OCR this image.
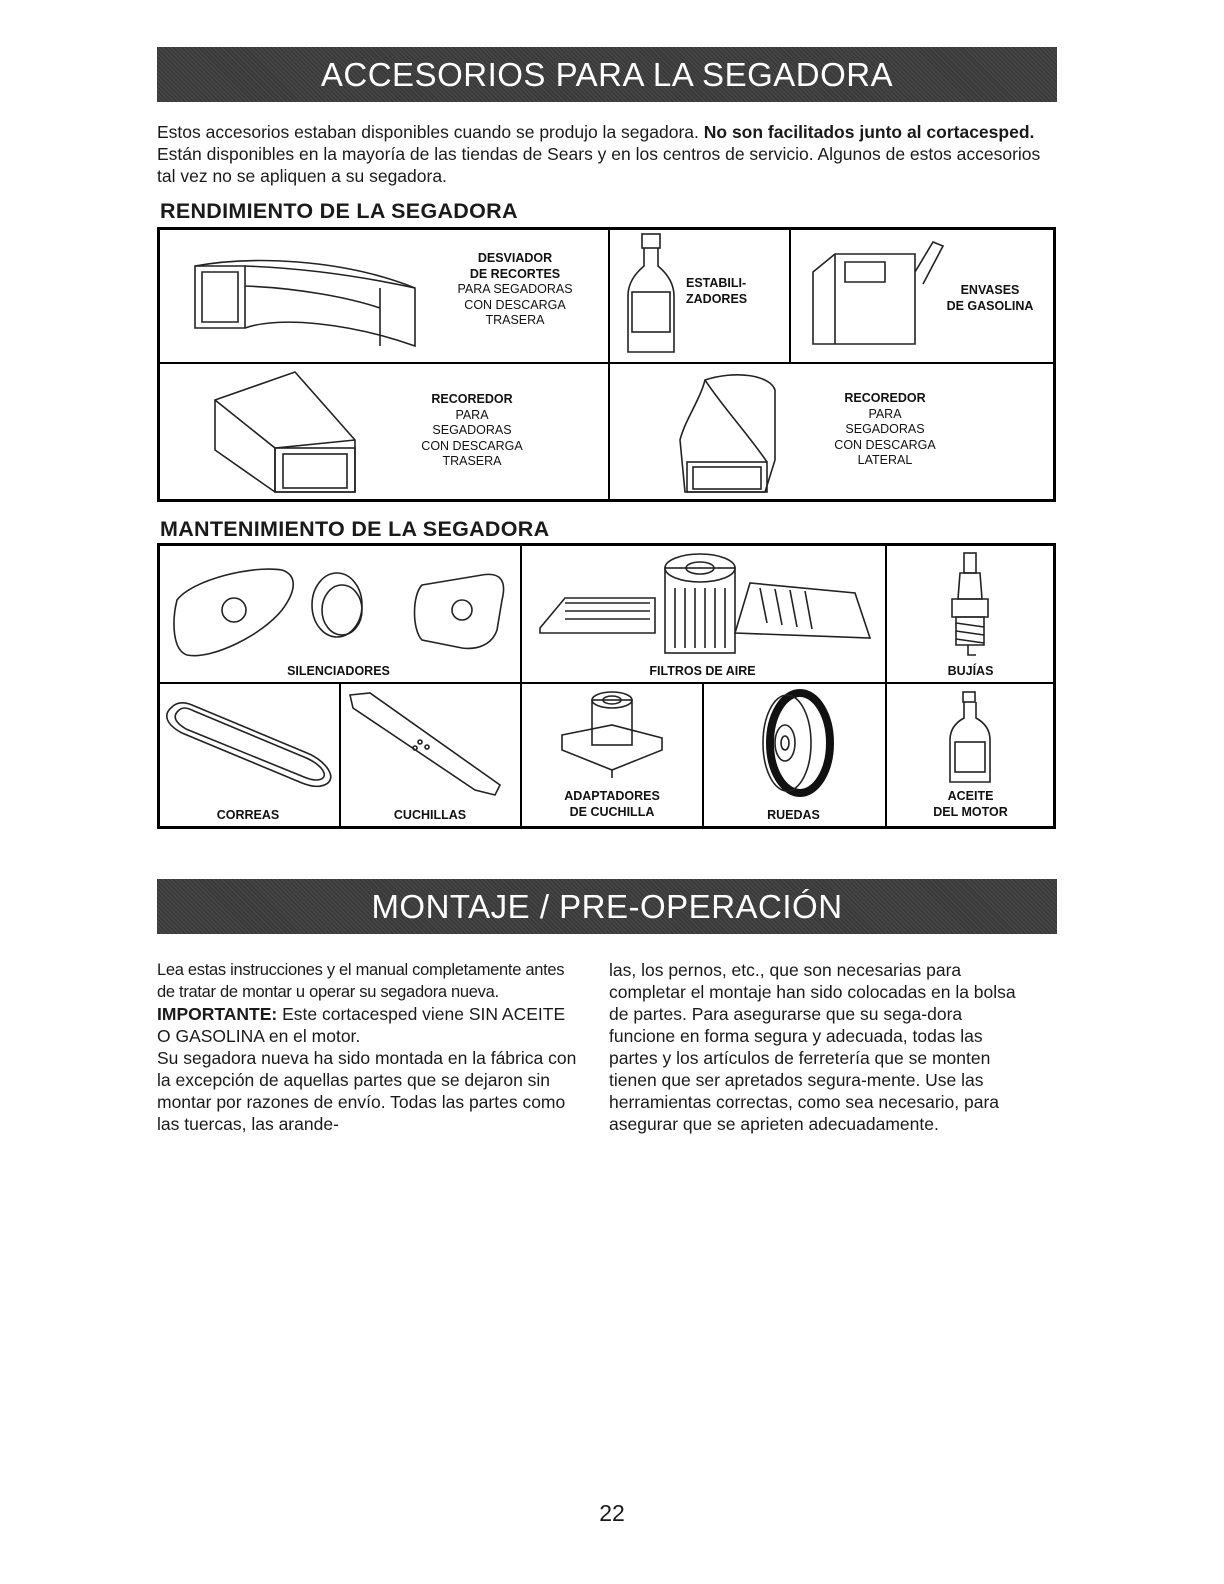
ACCESORIOS PARA LA SEGADORA
Estos accesorios estaban disponibles cuando se produjo la segadora. No son facilitados junto al cortacesped. Están disponibles en la mayoría de las tiendas de Sears y en los centros de servicio. Algunos de estos accesorios tal vez no se apliquen a su segadora.
RENDIMIENTO DE LA SEGADORA
DESVIADOR
DE RECORTES
PARA SEGADORAS
CON DESCARGA
TRASERA
ESTABILI-
ZADORES
ENVASES
DE GASOLINA
RECOREDOR
PARA
SEGADORAS
CON DESCARGA
TRASERA
RECOREDOR
PARA
SEGADORAS
CON DESCARGA
LATERAL
MANTENIMIENTO DE LA SEGADORA
SILENCIADORES	FILTROS DE AIRE	BUJÍAS
CORREAS	CUCHILLAS
ADAPTADORES
DE CUCHILLA	RUEDAS
ACEITE
DEL MOTOR
MONTAJE / PRE-OPERACIÓN

Lea estas instrucciones y el manual completamente antes de tratar de montar u operar su segadora nueva.

IMPORTANTE: Este cortacesped viene SIN ACEITE O GASOLINA en el motor.

Su segadora nueva ha sido montada en la fábrica con la excepción de aquellas partes que se dejaron sin montar por razones de envío. Todas las partes como las tuercas, las arande-

las, los pernos, etc., que son necesarias para completar el montaje han sido colocadas en la bolsa de partes. Para asegurarse que su sega-dora funcione en forma segura y adecuada, todas las partes y los artículos de ferretería que se monten tienen que ser apretados segura-mente. Use las herramientas correctas, como sea necesario, para asegurar que se aprieten adecuadamente.

22
